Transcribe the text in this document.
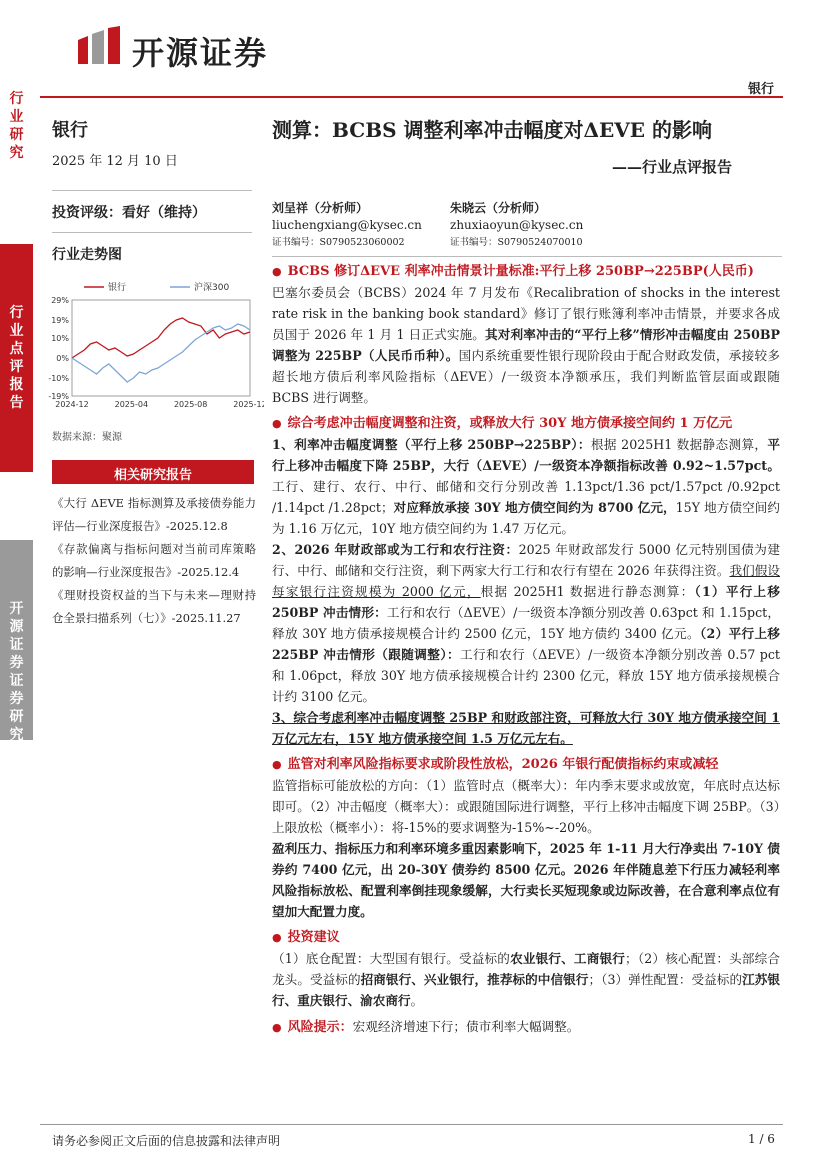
开源证券
银行
行业研究
行业点评报告
开源证券 证券研究报告
银行
2025 年 12 月 10 日
投资评级：看好（维持）
行业走势图
29%
19%
10%
0%
-10%
-19%
2024-12	2025-04	2025-08	2025-12
银行	沪深300
数据来源：聚源
相关研究报告
《大行 ΔEVE 指标测算及承接债券能力评估—行业深度报告》-2025.12.8
《存款偏离与指标问题对当前司库策略的影响—行业深度报告》-2025.12.4
《理财投资权益的当下与未来—理财持仓全景扫描系列（七）》-2025.11.27
测算：BCBS 调整利率冲击幅度对ΔEVE 的影响
——行业点评报告
刘呈祥（分析师）
liuchengxiang@kysec.cn
证书编号：S0790523060002
朱晓云（分析师）
zhuxiaoyun@kysec.cn
证书编号：S0790524070010
● BCBS 修订ΔEVE 利率冲击情景计量标准:平行上移 250BP→225BP(人民币)
巴塞尔委员会（BCBS）2024 年 7 月发布《Recalibration of shocks in the interest rate risk in the banking book standard》修订了银行账簿利率冲击情景，并要求各成员国于 2026 年 1 月 1 日正式实施。其对利率冲击的“平行上移”情形冲击幅度由 250BP 调整为 225BP（人民币币种）。国内系统重要性银行现阶段由于配合财政发债，承接较多超长地方债后利率风险指标（ΔEVE）/一级资本净额承压，我们判断监管层面或跟随 BCBS 进行调整。
● 综合考虑冲击幅度调整和注资，或释放大行 30Y 地方债承接空间约 1 万亿元
1、利率冲击幅度调整（平行上移 250BP→225BP）：根据 2025H1 数据静态测算，平行上移冲击幅度下降 25BP，大行（ΔEVE）/一级资本净额指标改善 0.92~1.57pct。工行、建行、农行、中行、邮储和交行分别改善 1.13pct/1.36 pct/1.57pct /0.92pct /1.14pct /1.28pct；对应释放承接 30Y 地方债空间约为 8700 亿元，15Y 地方债空间约为 1.16 万亿元，10Y 地方债空间约为 1.47 万亿元。
2、2026 年财政部或为工行和农行注资：2025 年财政部发行 5000 亿元特别国债为建行、中行、邮储和交行注资，剩下两家大行工行和农行有望在 2026 年获得注资。我们假设每家银行注资规模为 2000 亿元，根据 2025H1 数据进行静态测算：（1）平行上移 250BP 冲击情形：工行和农行（ΔEVE）/一级资本净额分别改善 0.63pct 和 1.15pct，释放 30Y 地方债承接规模合计约 2500 亿元，15Y 地方债约 3400 亿元。（2）平行上移 225BP 冲击情形（跟随调整）：工行和农行（ΔEVE）/一级资本净额分别改善 0.57 pct 和 1.06pct，释放 30Y 地方债承接规模合计约 2300 亿元，释放 15Y 地方债承接规模合计约 3100 亿元。
3、综合考虑利率冲击幅度调整 25BP 和财政部注资，可释放大行 30Y 地方债承接空间 1 万亿元左右，15Y 地方债承接空间 1.5 万亿元左右。
● 监管对利率风险指标要求或阶段性放松，2026 年银行配债指标约束或减轻
监管指标可能放松的方向：（1）监管时点（概率大）：年内季末要求或放宽，年底时点达标即可。（2）冲击幅度（概率大）：或跟随国际进行调整，平行上移冲击幅度下调 25BP。（3）上限放松（概率小）：将-15%的要求调整为-15%~-20%。
盈利压力、指标压力和利率环境多重因素影响下，2025 年 1-11 月大行净卖出 7-10Y 债券约 7400 亿元，出 20-30Y 债券约 8500 亿元。2026 年伴随息差下行压力减轻利率风险指标放松、配置利率倒挂现象缓解，大行卖长买短现象或边际改善，在合意利率点位有望加大配置力度。
● 投资建议
（1）底仓配置：大型国有银行。受益标的农业银行、工商银行；（2）核心配置：头部综合龙头。受益标的招商银行、兴业银行，推荐标的中信银行；（3）弹性配置：受益标的江苏银行、重庆银行、渝农商行。
● 风险提示：宏观经济增速下行；债市利率大幅调整。
请务必参阅正文后面的信息披露和法律声明	1 / 6
